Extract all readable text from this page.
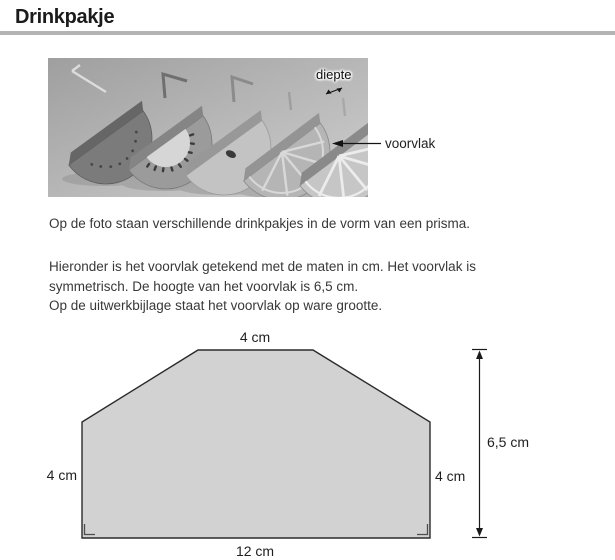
Drinkpakje
diepte
voorvlak
Op de foto staan verschillende drinkpakjes in de vorm van een prisma.
Hieronder is het voorvlak getekend met de maten in cm. Het voorvlak is
symmetrisch. De hoogte van het voorvlak is 6,5 cm.
Op de uitwerkbijlage staat het voorvlak op ware grootte.
4 cm
4 cm	4 cm
12 cm
6,5 cm
